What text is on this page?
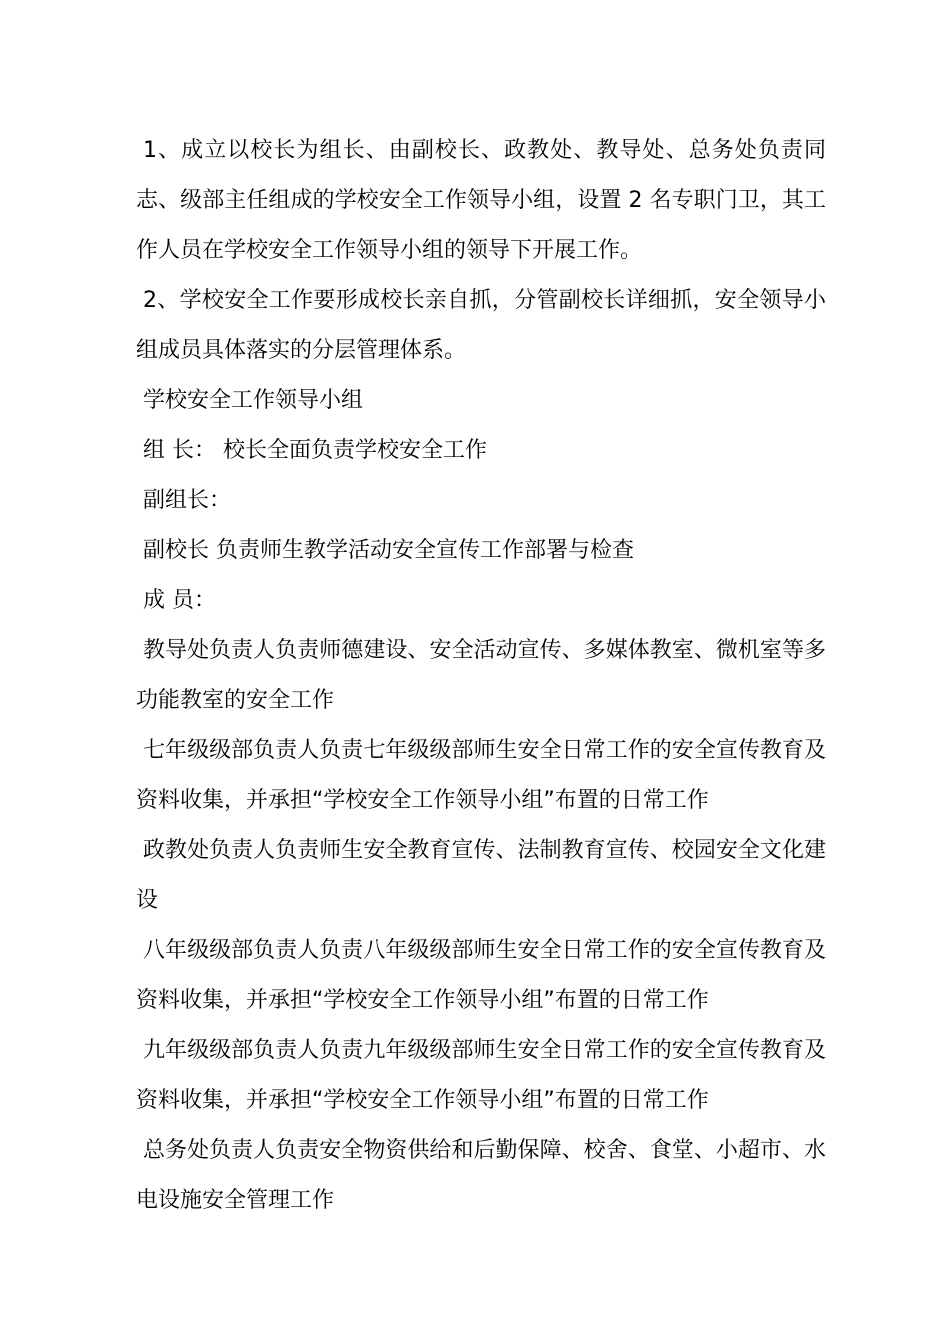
1、成立以校长为组长、由副校长、政教处、教导处、总务处负责同志、级部主任组成的学校安全工作领导小组，设置 2 名专职门卫，其工作人员在学校安全工作领导小组的领导下开展工作。

2、学校安全工作要形成校长亲自抓，分管副校长详细抓，安全领导小组成员具体落实的分层管理体系。

学校安全工作领导小组

组 长： 校长全面负责学校安全工作

副组长：

副校长 负责师生教学活动安全宣传工作部署与检查

成 员：

教导处负责人负责师德建设、安全活动宣传、多媒体教室、微机室等多功能教室的安全工作

七年级级部负责人负责七年级级部师生安全日常工作的安全宣传教育及资料收集，并承担“学校安全工作领导小组”布置的日常工作

政教处负责人负责师生安全教育宣传、法制教育宣传、校园安全文化建设

八年级级部负责人负责八年级级部师生安全日常工作的安全宣传教育及资料收集，并承担“学校安全工作领导小组”布置的日常工作

九年级级部负责人负责九年级级部师生安全日常工作的安全宣传教育及资料收集，并承担“学校安全工作领导小组”布置的日常工作

总务处负责人负责安全物资供给和后勤保障、校舍、食堂、小超市、水电设施安全管理工作
